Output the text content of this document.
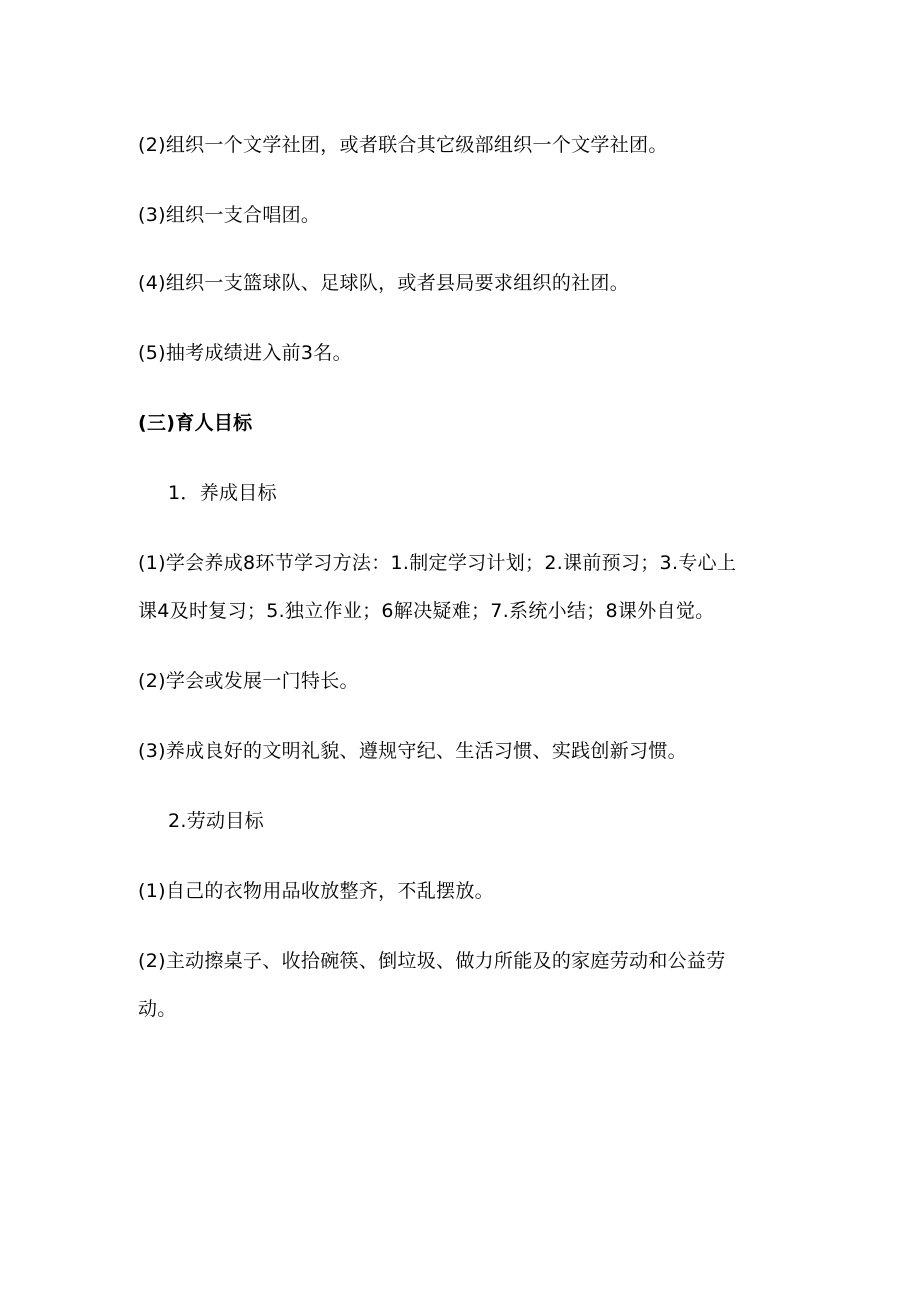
(2)组织一个文学社团，或者联合其它级部组织一个文学社团。
(3)组织一支合唱团。
(4)组织一支篮球队、足球队，或者县局要求组织的社团。
(5)抽考成绩进入前3名。
(三)育人目标
1．养成目标
(1)学会养成8环节学习方法：1.制定学习计划；2.课前预习；3.专心上
课4及时复习；5.独立作业；6解决疑难；7.系统小结；8课外自觉。
(2)学会或发展一门特长。
(3)养成良好的文明礼貌、遵规守纪、生活习惯、实践创新习惯。
2.劳动目标
(1)自己的衣物用品收放整齐，不乱摆放。
(2)主动擦桌子、收拾碗筷、倒垃圾、做力所能及的家庭劳动和公益劳
动。
